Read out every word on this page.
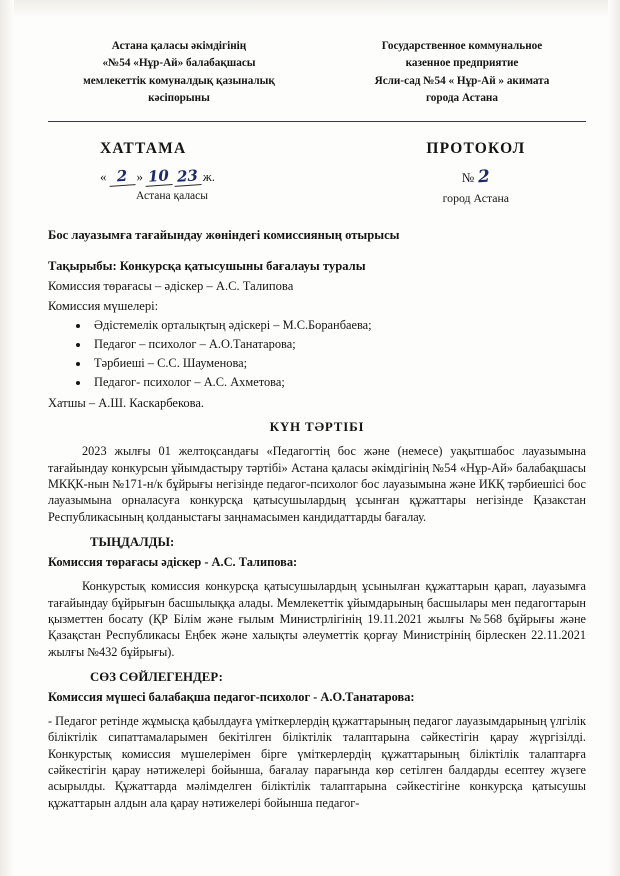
Астана қаласы әкімдігінің
«№54 «Нұр-Ай» балабақшасы
мемлекеттік комуналдық қазыналық
кәсіпорыны
Государственное коммунальное
казенное предприятие
Ясли-сад №54 « Нұр-Ай » акимата
города Астана
ХАТТАМА
« 2 » 10 23 ж.
Астана қаласы
ПРОТОКОЛ
№ 2
город Астана
Бос лауазымға тағайындау жөніндегі комиссияның отырысы
Тақырыбы: Конкурсқа қатысушыны бағалауы туралы
Комиссия төрағасы – әдіскер – А.С. Талипова
Комиссия мүшелері:
• Әдістемелік орталықтың әдіскері – М.С.Боранбаева;
• Педагог – психолог – А.О.Танатарова;
• Тәрбиеші – С.С. Шауменова;
• Педагог- психолог – А.С. Ахметова;
Хатшы – А.Ш. Каскарбекова.
КҮН ТӘРТІБІ

2023 жылғы 01 желтоқсандағы «Педагогтің бос және (немесе) уақытшабос лауазымына тағайындау конкурсын ұйымдастыру тәртібі» Астана қаласы әкімдігінің №54 «Нұр-Ай» балабақшасы МКҚК-нын №171-н/к бұйрығы негізінде педагог-психолог бос лауазымына және ИКҚ тәрбиешісі бос лауазымына орналасуға конкурсқа қатысушылардың ұсынған құжаттары негізінде Қазакстан Республикасының қолданыстағы заңнамасымен кандидаттарды бағалау.

ТЫҢДАЛДЫ:
Комиссия төрағасы әдіскер - А.С. Талипова:

Конкурстық комиссия конкурсқа қатысушылардың ұсынылған құжаттарын қарап, лауазымға тағайындау бұйрығын басшылыққа алады. Мемлекеттік ұйымдарының басшылары мен педагогтарын қызметтен босату (ҚР Білім және ғылым Министрлігінің 19.11.2021 жылғы №568 бұйрығы және Қазақстан Республикасы Еңбек және халықты әлеуметтік қорғау Министрінің бірлескен 22.11.2021 жылғы №432 бұйрығы).

СӨЗ СӨЙЛЕГЕНДЕР:
Комиссия мүшесі балабақша педагог-психолог - А.О.Танатарова:

- Педагог ретінде жұмысқа қабылдауға үміткерлердің құжаттарының педагог лауазымдарының үлгілік біліктілік сипаттамаларымен бекітілген біліктілік талаптарына сәйкестігін қарау жүргізілді. Конкурстық комиссия мүшелерімен бірге үміткерлердің құжаттарының біліктілік талаптарға сәйкестігін қарау нәтижелері бойынша, бағалау парағында көр сетілген балдарды есептеу жүзеге асырылды. Құжаттарда мәлімделген біліктілік талаптарына сәйкестігіне конкурсқа қатысушы құжаттарын алдын ала қарау нәтижелері бойынша педагог-
